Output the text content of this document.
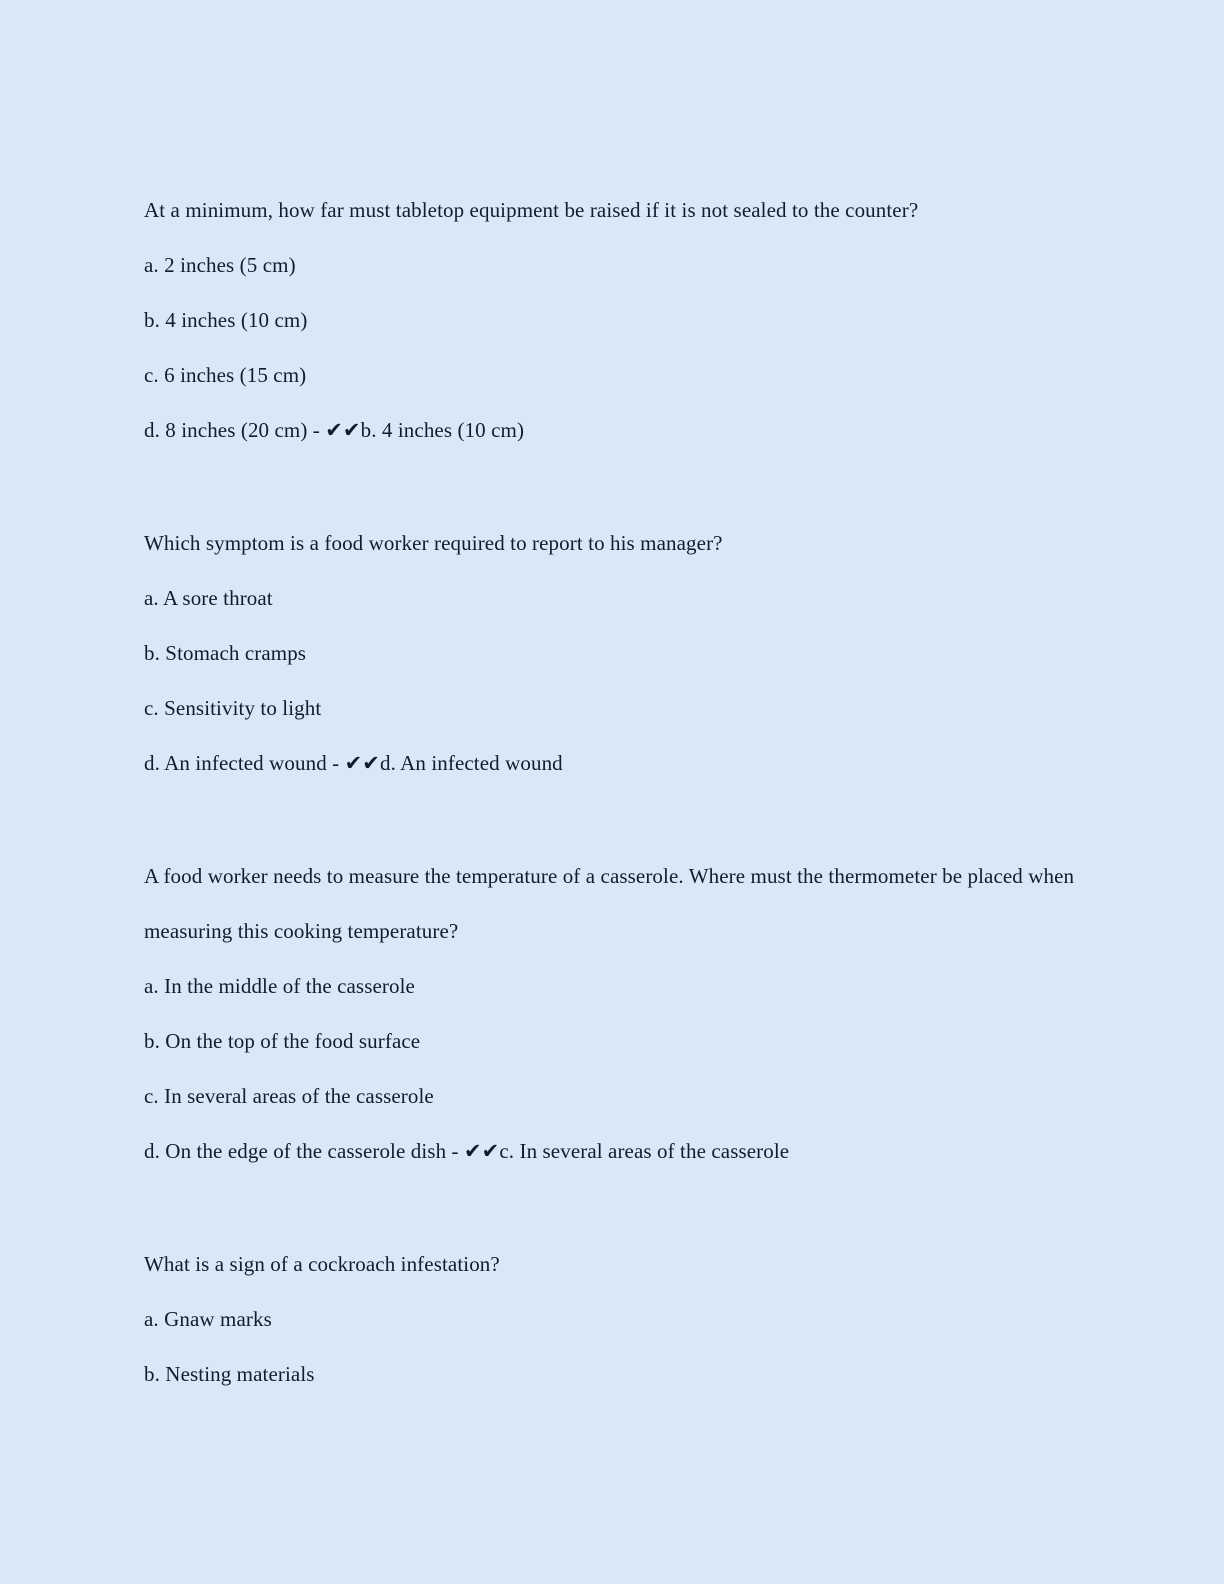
At a minimum, how far must tabletop equipment be raised if it is not sealed to the counter?

a. 2 inches (5 cm)

b. 4 inches (10 cm)

c. 6 inches (15 cm)

d. 8 inches (20 cm) - ✔✔b. 4 inches (10 cm)

Which symptom is a food worker required to report to his manager?

a. A sore throat

b. Stomach cramps

c. Sensitivity to light

d. An infected wound - ✔✔d. An infected wound

A food worker needs to measure the temperature of a casserole. Where must the thermometer be placed when measuring this cooking temperature?

a. In the middle of the casserole

b. On the top of the food surface

c. In several areas of the casserole

d. On the edge of the casserole dish - ✔✔c. In several areas of the casserole

What is a sign of a cockroach infestation?

a. Gnaw marks

b. Nesting materials
